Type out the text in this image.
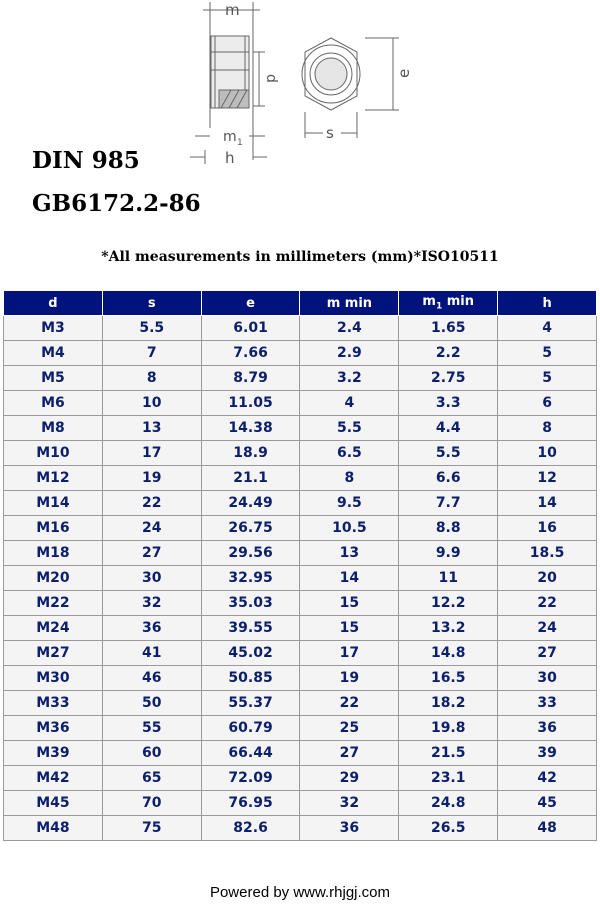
m
d
e
m 1
h
s
DIN 985
GB6172.2-86
*All measurements in millimeters (mm)*ISO10511
d	s	e	m min	$m_1$ min	h
M3	5.5	6.01	2.4	1.65	4
M4	7	7.66	2.9	2.2	5
M5	8	8.79	3.2	2.75	5
M6	10	11.05	4	3.3	6
M8	13	14.38	5.5	4.4	8
M10	17	18.9	6.5	5.5	10
M12	19	21.1	8	6.6	12
M14	22	24.49	9.5	7.7	14
M16	24	26.75	10.5	8.8	16
M18	27	29.56	13	9.9	18.5
M20	30	32.95	14	11	20
M22	32	35.03	15	12.2	22
M24	36	39.55	15	13.2	24
M27	41	45.02	17	14.8	27
M30	46	50.85	19	16.5	30
M33	50	55.37	22	18.2	33
M36	55	60.79	25	19.8	36
M39	60	66.44	27	21.5	39
M42	65	72.09	29	23.1	42
M45	70	76.95	32	24.8	45
M48	75	82.6	36	26.5	48
Powered by www.rhjgj.com
